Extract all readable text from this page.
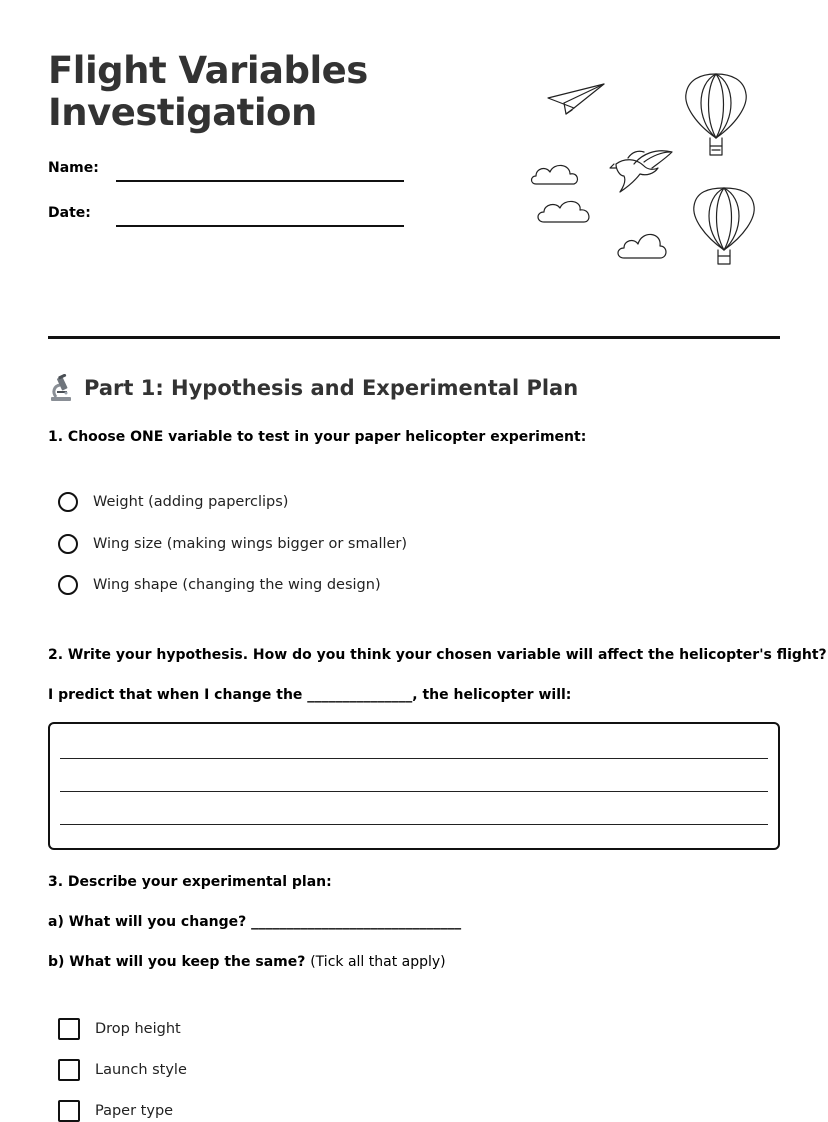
Flight Variables
Investigation
Name:
Date:
Part 1: Hypothesis and Experimental Plan
1. Choose ONE variable to test in your paper helicopter experiment:
Weight (adding paperclips)
Wing size (making wings bigger or smaller)
Wing shape (changing the wing design)
2. Write your hypothesis. How do you think your chosen variable will affect the helicopter's flight?
I predict that when I change the _______________, the helicopter will:
3. Describe your experimental plan:
a) What will you change? ______________________________
b) What will you keep the same? (Tick all that apply)
Drop height
Launch style
Paper type
